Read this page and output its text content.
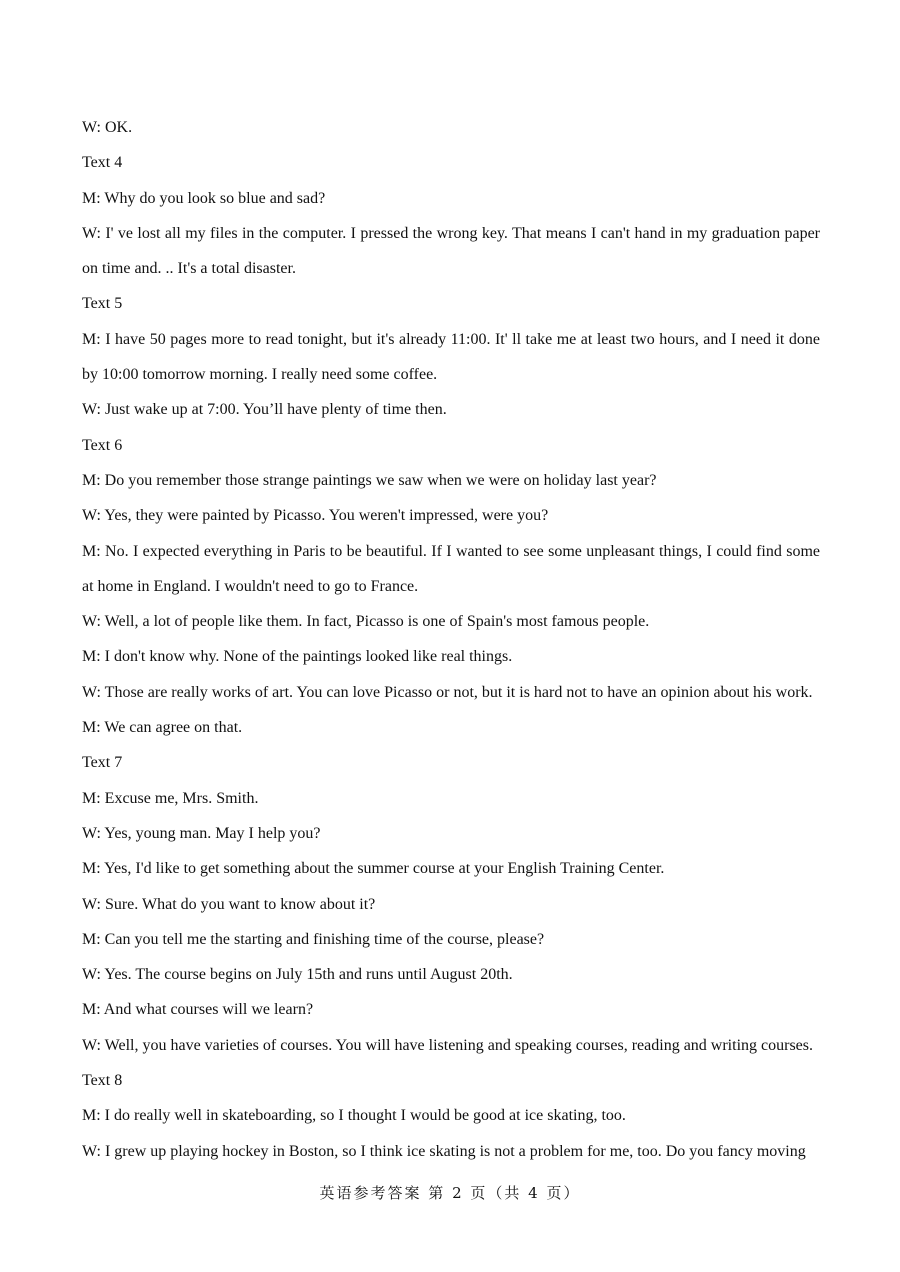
W: OK.

Text 4

M: Why do you look so blue and sad?

W: I' ve lost all my files in the computer. I pressed the wrong key. That means I can't hand in my graduation paper on time and. .. It's a total disaster.

Text 5

M: I have 50 pages more to read tonight, but it's already 11:00. It' ll take me at least two hours, and I need it done by 10:00 tomorrow morning. I really need some coffee.

W: Just wake up at 7:00. You’ll have plenty of time then.

Text 6

M: Do you remember those strange paintings we saw when we were on holiday last year?

W: Yes, they were painted by Picasso. You weren't impressed, were you?

M: No. I expected everything in Paris to be beautiful. If I wanted to see some unpleasant things, I could find some at home in England. I wouldn't need to go to France.

W: Well, a lot of people like them. In fact, Picasso is one of Spain's most famous people.

M: I don't know why. None of the paintings looked like real things.

W: Those are really works of art. You can love Picasso or not, but it is hard not to have an opinion about his work.

M: We can agree on that.

Text 7

M: Excuse me, Mrs. Smith.

W: Yes, young man. May I help you?

M: Yes, I'd like to get something about the summer course at your English Training Center.

W: Sure. What do you want to know about it?

M: Can you tell me the starting and finishing time of the course, please?

W: Yes. The course begins on July 15th and runs until August 20th.

M: And what courses will we learn?

W: Well, you have varieties of courses. You will have listening and speaking courses, reading and writing courses.

Text 8

M: I do really well in skateboarding, so I thought I would be good at ice skating, too.

W: I grew up playing hockey in Boston, so I think ice skating is not a problem for me, too. Do you fancy moving

英语参考答案 第 2 页（共 4 页）
